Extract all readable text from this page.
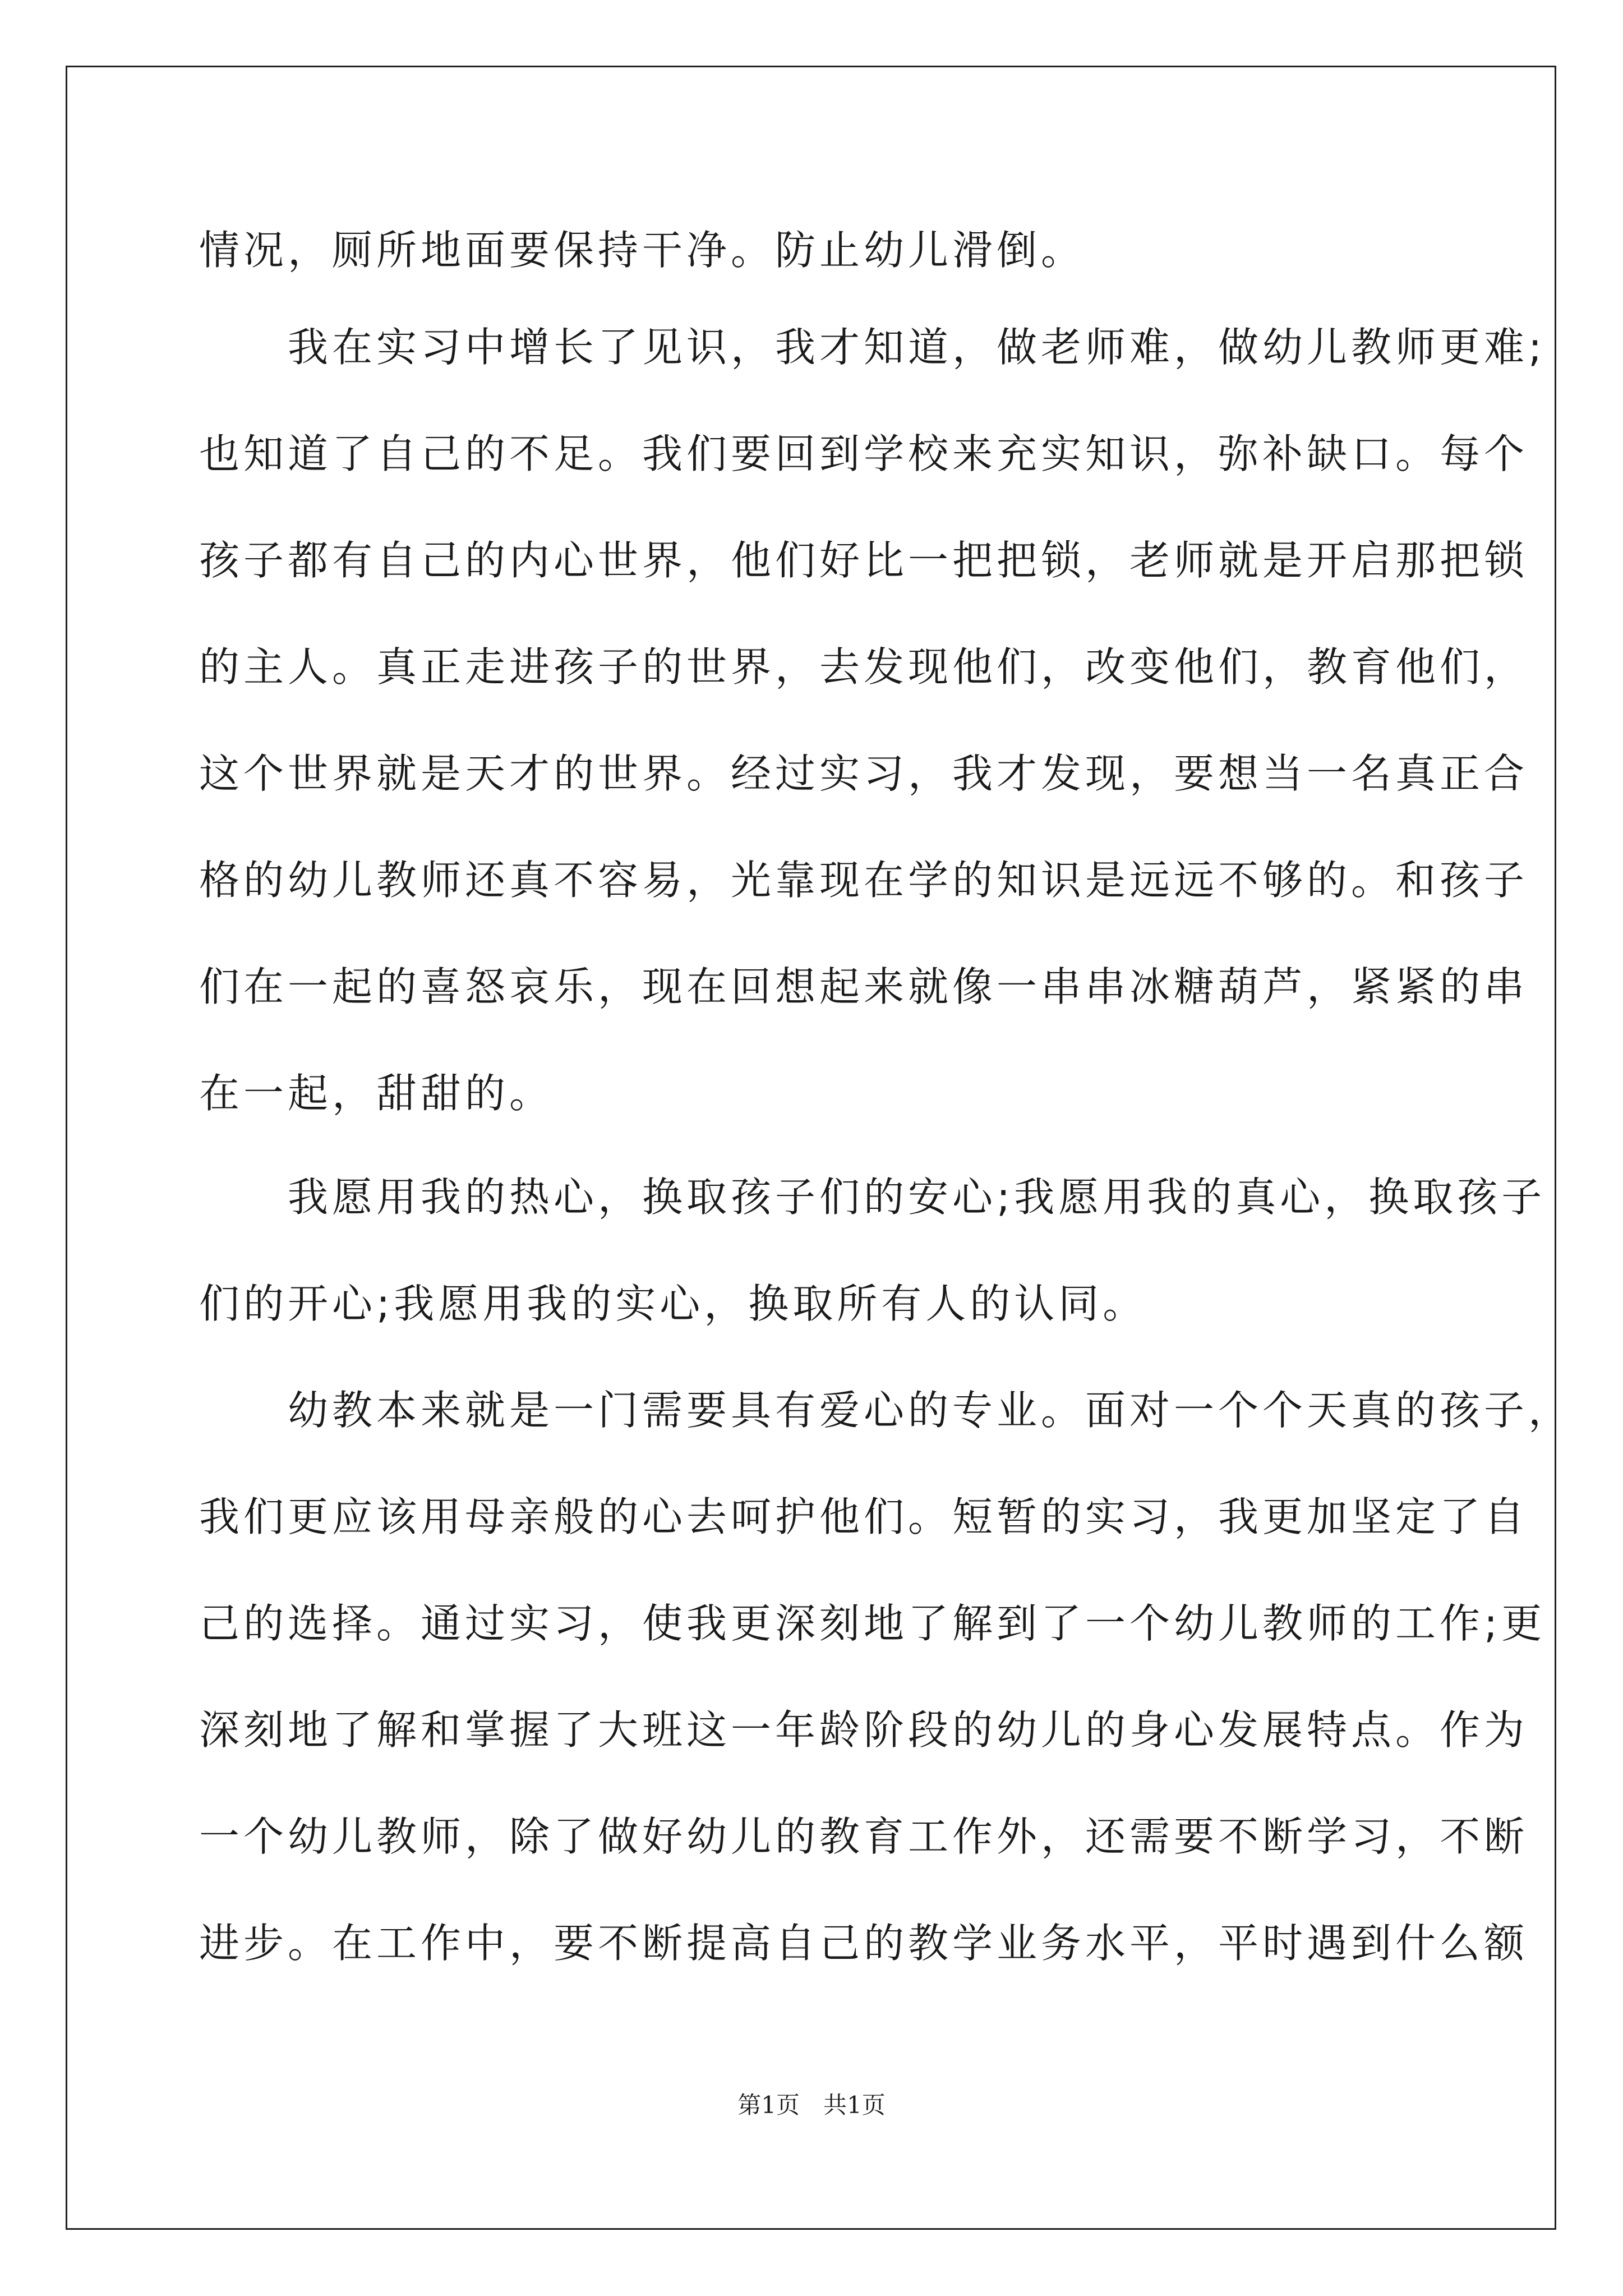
情况，厕所地面要保持干净。防止幼儿滑倒。
　　我在实习中增长了见识，我才知道，做老师难，做幼儿教师更难;
也知道了自己的不足。我们要回到学校来充实知识，弥补缺口。每个
孩子都有自己的内心世界，他们好比一把把锁，老师就是开启那把锁
的主人。真正走进孩子的世界，去发现他们，改变他们，教育他们，
这个世界就是天才的世界。经过实习，我才发现，要想当一名真正合
格的幼儿教师还真不容易，光靠现在学的知识是远远不够的。和孩子
们在一起的喜怒哀乐，现在回想起来就像一串串冰糖葫芦，紧紧的串
在一起，甜甜的。
　　我愿用我的热心，换取孩子们的安心;我愿用我的真心，换取孩子
们的开心;我愿用我的实心，换取所有人的认同。
　　幼教本来就是一门需要具有爱心的专业。面对一个个天真的孩子，
我们更应该用母亲般的心去呵护他们。短暂的实习，我更加坚定了自
己的选择。通过实习，使我更深刻地了解到了一个幼儿教师的工作;更
深刻地了解和掌握了大班这一年龄阶段的幼儿的身心发展特点。作为
一个幼儿教师，除了做好幼儿的教育工作外，还需要不断学习，不断
进步。在工作中，要不断提高自己的教学业务水平，平时遇到什么额
第1页　共1页
